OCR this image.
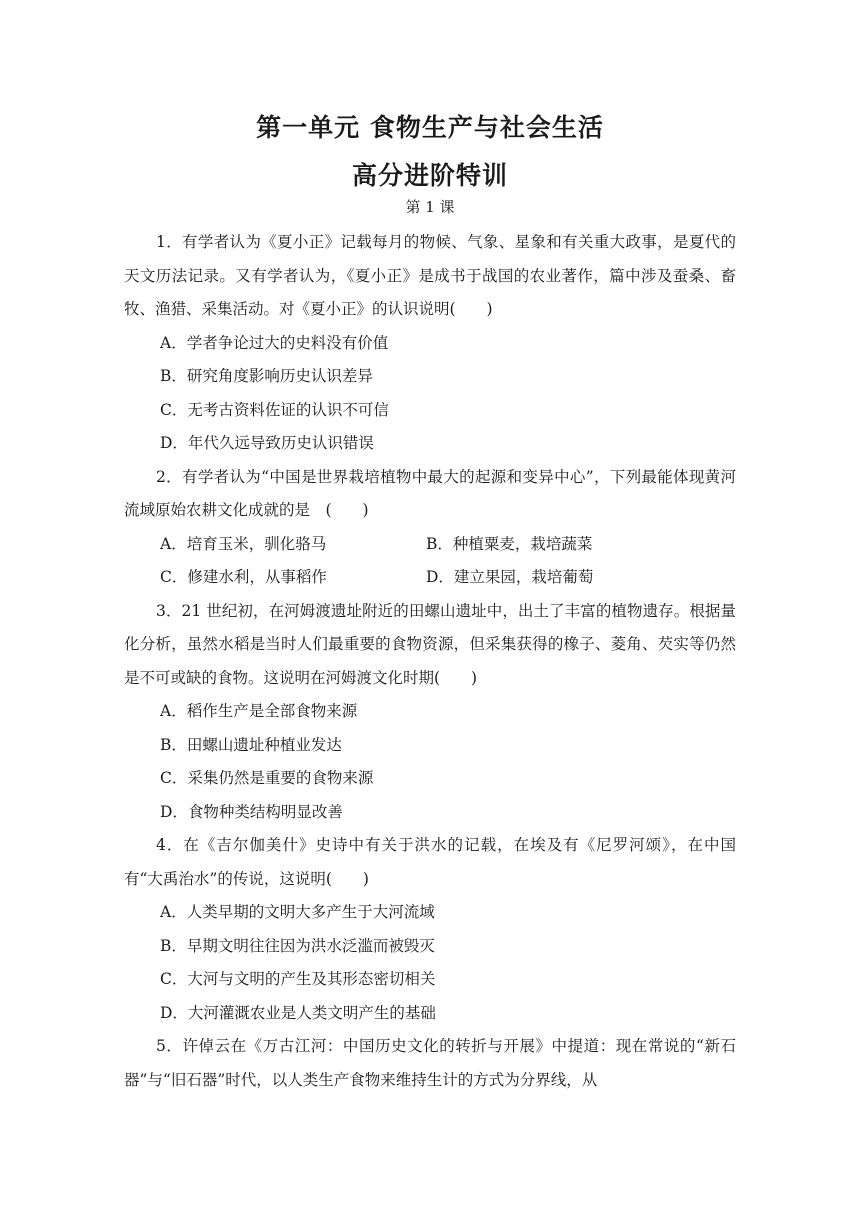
第一单元 食物生产与社会生活
高分进阶特训
第 1 课

1．有学者认为《夏小正》记载每月的物候、气象、星象和有关重大政事，是夏代的天文历法记录。又有学者认为，《夏小正》是成书于战国的农业著作，篇中涉及蚕桑、畜牧、渔猎、采集活动。对《夏小正》的认识说明(　　)

A．学者争论过大的史料没有价值

B．研究角度影响历史认识差异

C．无考古资料佐证的认识不可信

D．年代久远导致历史认识错误

2．有学者认为“中国是世界栽培植物中最大的起源和变异中心”，下列最能体现黄河流域原始农耕文化成就的是　(　　)

A．培育玉米，驯化骆马	B．种植粟麦，栽培蔬菜
C．修建水利，从事稻作	D．建立果园，栽培葡萄

3．21 世纪初，在河姆渡遗址附近的田螺山遗址中，出土了丰富的植物遗存。根据量化分析，虽然水稻是当时人们最重要的食物资源，但采集获得的橡子、菱角、芡实等仍然是不可或缺的食物。这说明在河姆渡文化时期(　　)

A．稻作生产是全部食物来源

B．田螺山遗址种植业发达

C．采集仍然是重要的食物来源

D．食物种类结构明显改善

4．在《吉尔伽美什》史诗中有关于洪水的记载，在埃及有《尼罗河颂》，在中国有“大禹治水”的传说，这说明(　　)

A．人类早期的文明大多产生于大河流域

B．早期文明往往因为洪水泛滥而被毁灭

C．大河与文明的产生及其形态密切相关

D．大河灌溉农业是人类文明产生的基础

5．许倬云在《万古江河：中国历史文化的转折与开展》中提道：现在常说的“新石器”与“旧石器”时代，以人类生产食物来维持生计的方式为分界线，从
